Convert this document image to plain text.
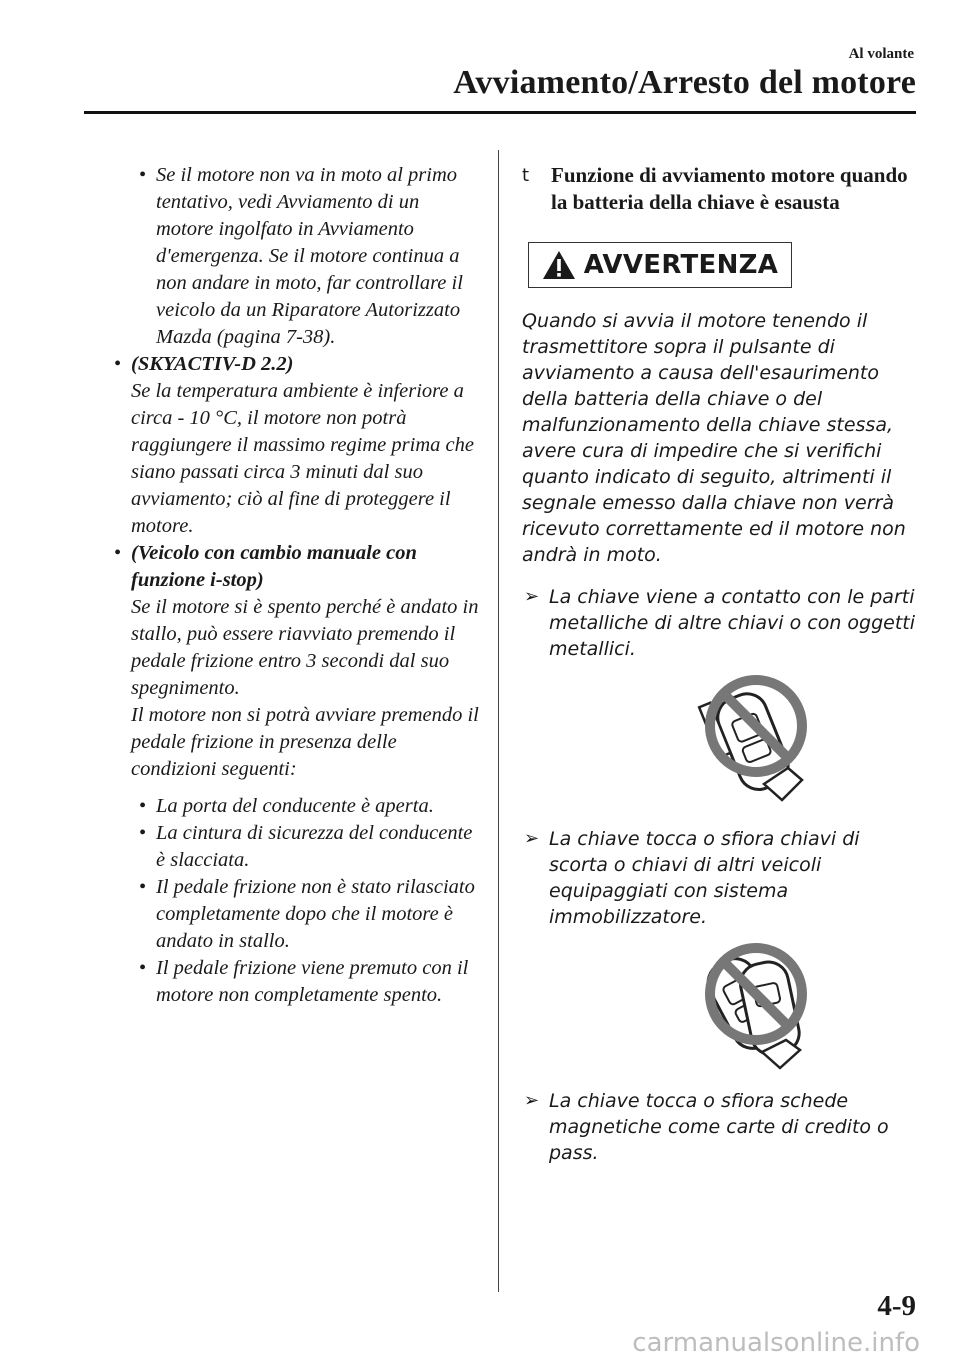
Al volante
Avviamento/Arresto del motore
• Se il motore non va in moto al primo tentativo, vedi Avviamento di un motore ingolfato in Avviamento d'emergenza. Se il motore continua a non andare in moto, far controllare il veicolo da un Riparatore Autorizzato Mazda (pagina 7-38).
• (SKYACTIV-D 2.2)
Se la temperatura ambiente è inferiore a circa - 10 °C, il motore non potrà raggiungere il massimo regime prima che siano passati circa 3 minuti dal suo avviamento; ciò al fine di proteggere il motore.
• (Veicolo con cambio manuale con funzione i-stop)
Se il motore si è spento perché è andato in stallo, può essere riavviato premendo il pedale frizione entro 3 secondi dal suo spegnimento.
Il motore non si potrà avviare premendo il pedale frizione in presenza delle condizioni seguenti:
• La porta del conducente è aperta.
• La cintura di sicurezza del conducente è slacciata.
• Il pedale frizione non è stato rilasciato completamente dopo che il motore è andato in stallo.
• Il pedale frizione viene premuto con il motore non completamente spento.
t Funzione di avviamento motore quando la batteria della chiave è esausta
AVVERTENZA
Quando si avvia il motore tenendo il trasmettitore sopra il pulsante di avviamento a causa dell'esaurimento della batteria della chiave o del malfunzionamento della chiave stessa, avere cura di impedire che si verifichi quanto indicato di seguito, altrimenti il segnale emesso dalla chiave non verrà ricevuto correttamente ed il motore non andrà in moto.
➢ La chiave viene a contatto con le parti metalliche di altre chiavi o con oggetti metallici.
➢ La chiave tocca o sfiora chiavi di scorta o chiavi di altri veicoli equipaggiati con sistema immobilizzatore.
➢ La chiave tocca o sfiora schede magnetiche come carte di credito o pass.
4-9
carmanualsonline.info
